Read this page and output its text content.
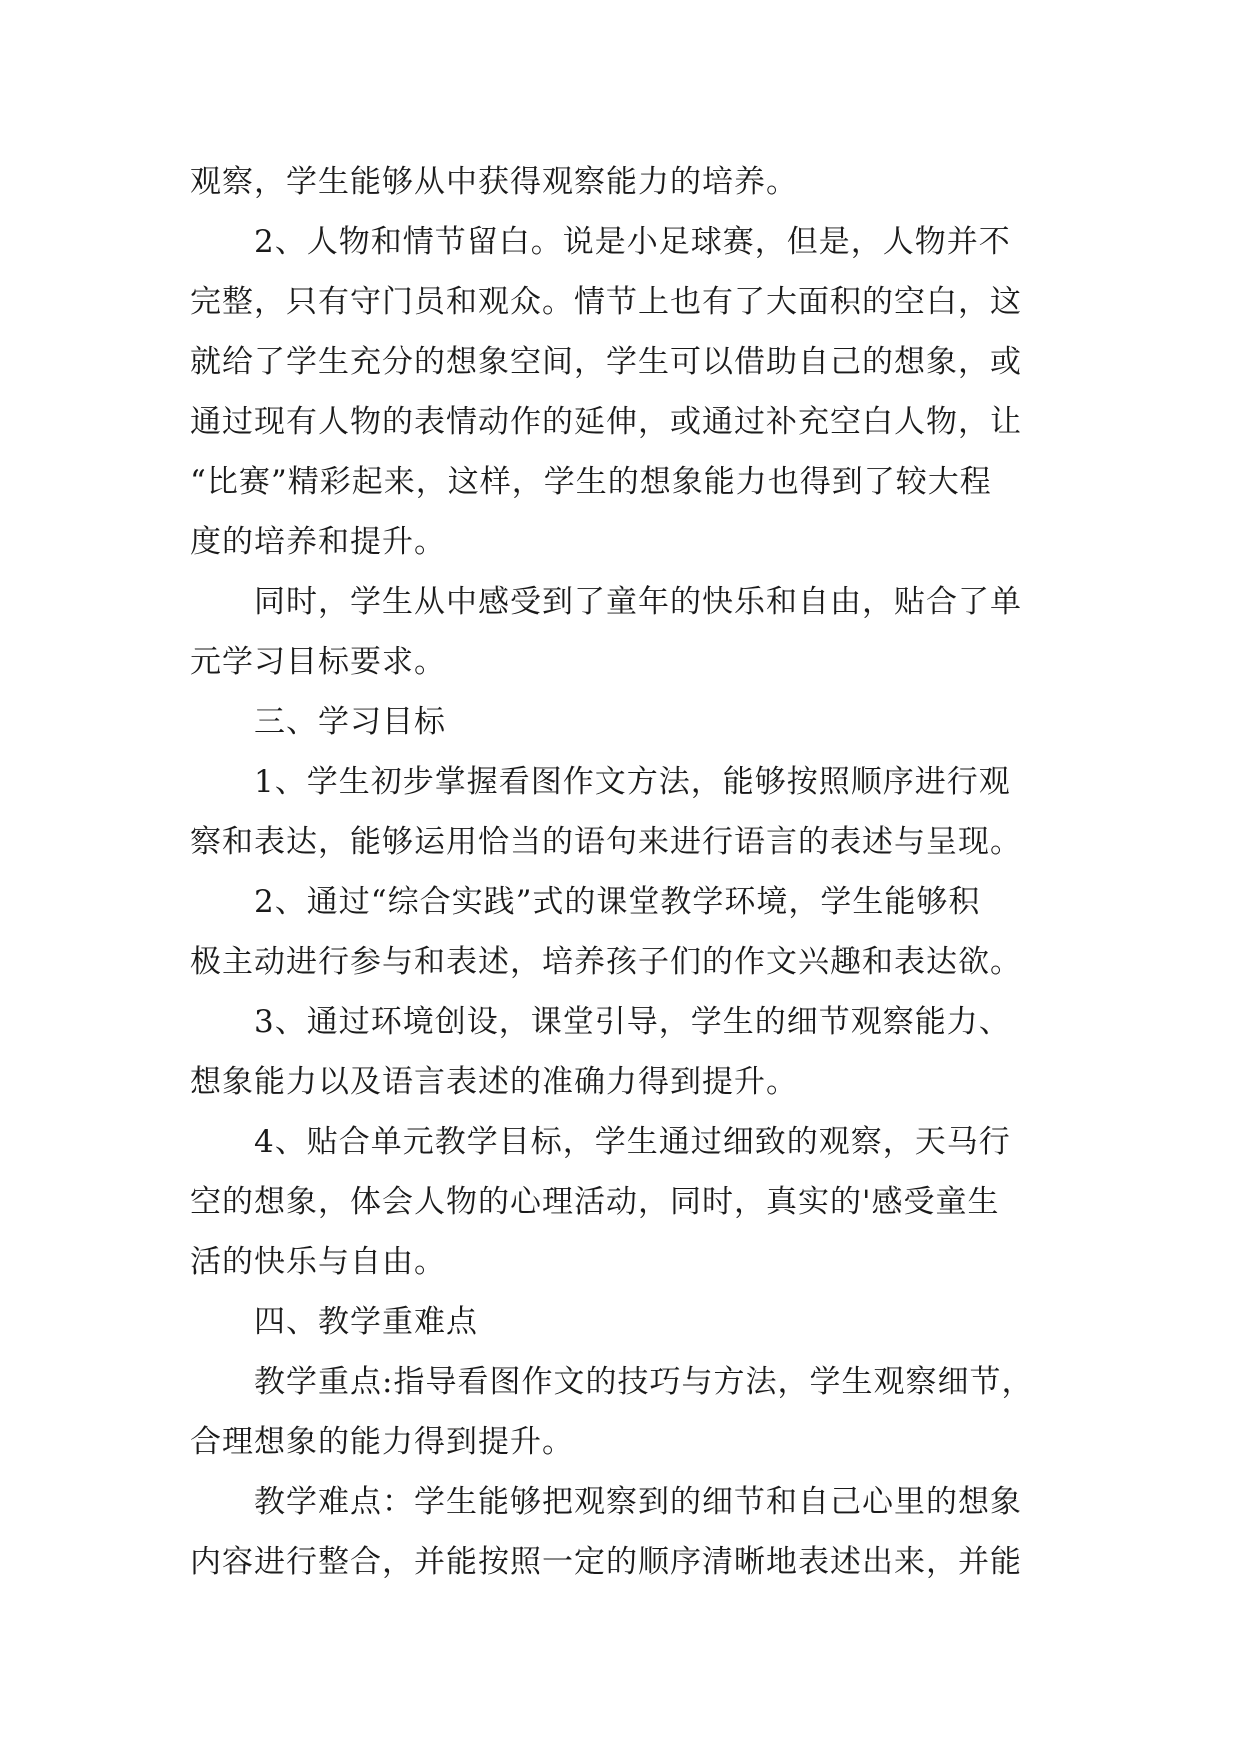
观察，学生能够从中获得观察能力的培养。
2、人物和情节留白。说是小足球赛，但是，人物并不
完整，只有守门员和观众。情节上也有了大面积的空白，这
就给了学生充分的想象空间，学生可以借助自己的想象，或
通过现有人物的表情动作的延伸，或通过补充空白人物，让
“比赛”精彩起来，这样，学生的想象能力也得到了较大程
度的培养和提升。
同时，学生从中感受到了童年的快乐和自由，贴合了单
元学习目标要求。
三、学习目标
1、学生初步掌握看图作文方法，能够按照顺序进行观
察和表达，能够运用恰当的语句来进行语言的表述与呈现。
2、通过“综合实践”式的课堂教学环境，学生能够积
极主动进行参与和表述，培养孩子们的作文兴趣和表达欲。
3、通过环境创设，课堂引导，学生的细节观察能力、
想象能力以及语言表述的准确力得到提升。
4、贴合单元教学目标，学生通过细致的观察，天马行
空的想象，体会人物的心理活动，同时，真实的'感受童生
活的快乐与自由。
四、教学重难点
教学重点:指导看图作文的技巧与方法，学生观察细节，
合理想象的能力得到提升。
教学难点：学生能够把观察到的细节和自己心里的想象
内容进行整合，并能按照一定的顺序清晰地表述出来，并能
